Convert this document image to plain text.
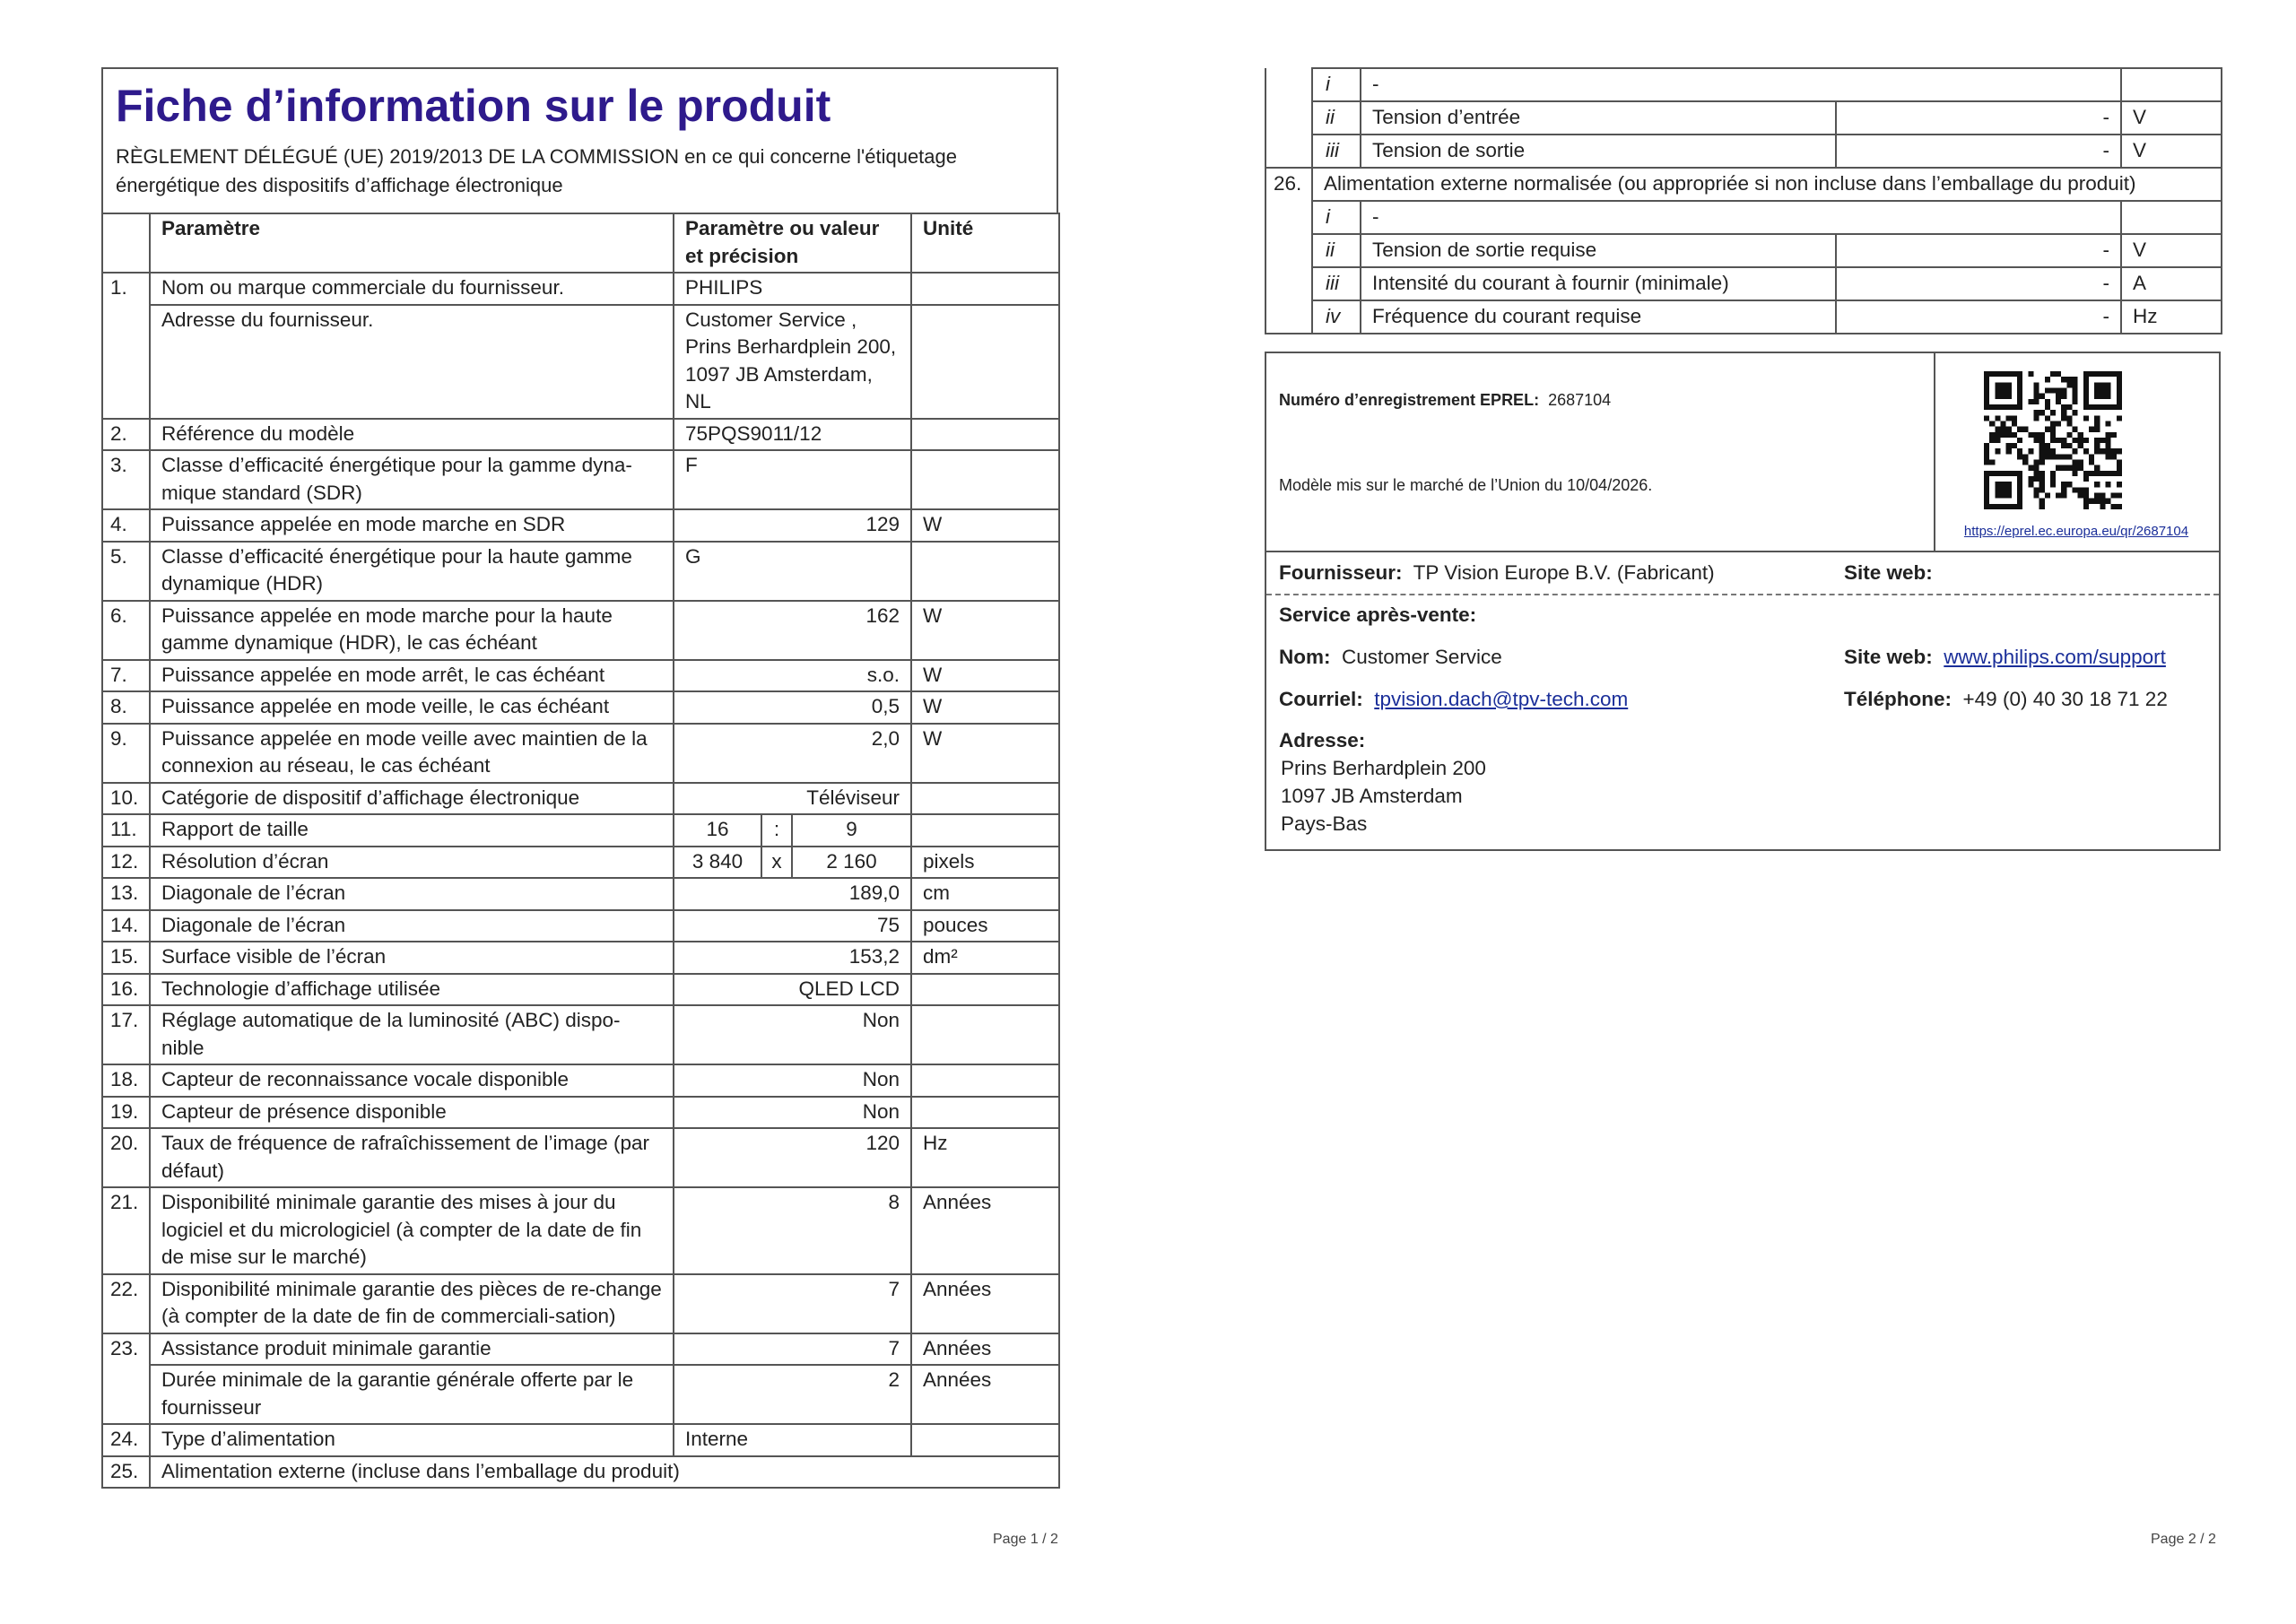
Fiche d’information sur le produit
RÈGLEMENT DÉLÉGUÉ (UE) 2019/2013 DE LA COMMISSION en ce qui concerne l'étiquetage énergétique des dispositifs d’affichage électronique
	Paramètre	Paramètre ou valeur et précision			Unité
1.	Nom ou marque commerciale du fournisseur.	PHILIPS			
	Adresse du fournisseur.	Customer Service , Prins Berhardplein 200, 1097 JB Amsterdam, NL			
2.	Référence du modèle	75PQS9011/12			
3.	Classe d’efficacité énergétique pour la gamme dyna-mique standard (SDR)	F			
4.	Puissance appelée en mode marche en SDR	129			W
5.	Classe d’efficacité énergétique pour la haute gamme dynamique (HDR)	G			
6.	Puissance appelée en mode marche pour la haute gamme dynamique (HDR), le cas échéant	162			W
7.	Puissance appelée en mode arrêt, le cas échéant	s.o.			W
8.	Puissance appelée en mode veille, le cas échéant	0,5			W
9.	Puissance appelée en mode veille avec maintien de la connexion au réseau, le cas échéant	2,0			W
10.	Catégorie de dispositif d’affichage électronique	Téléviseur			
11.	Rapport de taille	16	:	9	
12.	Résolution d’écran	3 840	x	2 160	pixels
13.	Diagonale de l’écran	189,0			cm
14.	Diagonale de l’écran	75			pouces
15.	Surface visible de l’écran	153,2			dm²
16.	Technologie d’affichage utilisée	QLED LCD			
17.	Réglage automatique de la luminosité (ABC) dispo-nible	Non			
18.	Capteur de reconnaissance vocale disponible	Non			
19.	Capteur de présence disponible	Non			
20.	Taux de fréquence de rafraîchissement de l’image (par défaut)	120			Hz
21.	Disponibilité minimale garantie des mises à jour du logiciel et du micrologiciel (à compter de la date de fin de mise sur le marché)	8			Années
22.	Disponibilité minimale garantie des pièces de re-change (à compter de la date de fin de commerciali-sation)	7			Années
23.	Assistance produit minimale garantie	7			Années
	Durée minimale de la garantie générale offerte par le fournisseur	2			Années
24.	Type d’alimentation	Interne			
25.	Alimentation externe (incluse dans l’emballage du produit)				
Page 1 / 2
	i	-		
	ii	Tension d’entrée	-	V
	iii	Tension de sortie	-	V
26.	Alimentation externe normalisée (ou appropriée si non incluse dans l’emballage du produit)			
	i	-		
	ii	Tension de sortie requise	-	V
	iii	Intensité du courant à fournir (minimale)	-	A
	iv	Fréquence du courant requise	-	Hz
Numéro d’enregistrement EPREL: 2687104
Modèle mis sur le marché de l’Union du 10/04/2026.
https://eprel.ec.europa.eu/qr/2687104
Fournisseur: TP Vision Europe B.V. (Fabricant)	Site web:
Service après-vente:
Nom: Customer Service	Site web: www.philips.com/support
Courriel: tpvision.dach@tpv-tech.com	Téléphone: +49 (0) 40 30 18 71 22
Adresse:
Prins Berhardplein 200
1097 JB Amsterdam
Pays-Bas
Page 2 / 2
